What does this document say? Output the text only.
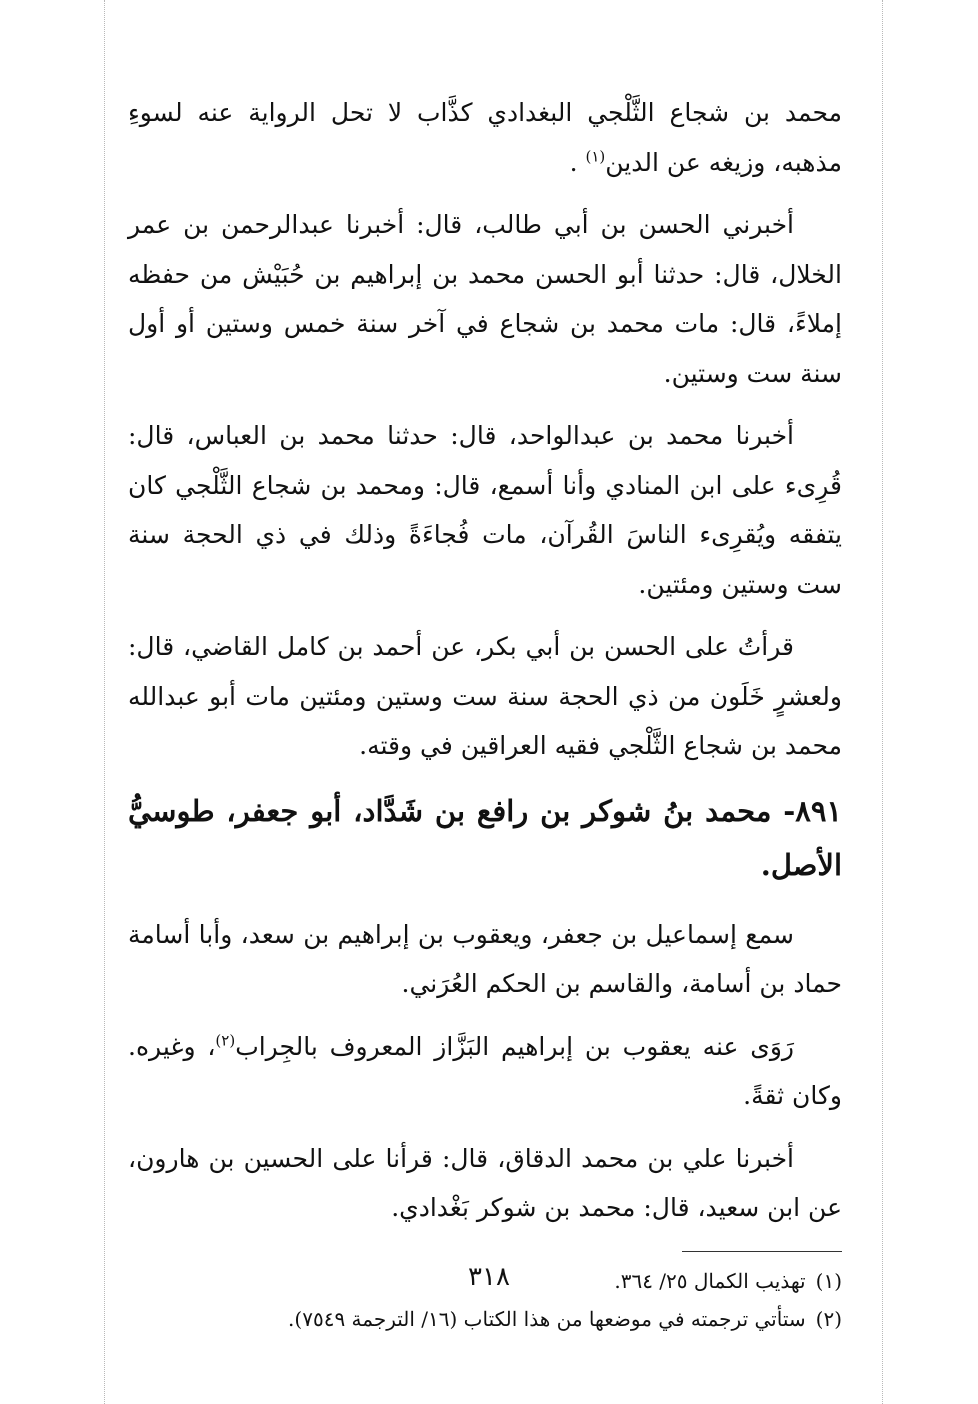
محمد بن شجاع الثَّلْجي البغدادي كذَّاب لا تحل الرواية عنه لسوءِ مذهبه، وزيغه عن الدين$^{(١)}$ .

أخبرني الحسن بن أبي طالب، قال: أخبرنا عبدالرحمن بن عمر الخلال، قال: حدثنا أبو الحسن محمد بن إبراهيم بن حُبَيْش من حفظه إملاءً، قال: مات محمد بن شجاع في آخر سنة خمس وستين أو أول سنة ست وستين.

أخبرنا محمد بن عبدالواحد، قال: حدثنا محمد بن العباس، قال: قُرِىء على ابن المنادي وأنا أسمع، قال: ومحمد بن شجاع الثَّلْجي كان يتفقه ويُقرِىء الناسَ القُرآن، مات فُجاءَةً وذلك في ذي الحجة سنة ست وستين ومئتين.

قرأتُ على الحسن بن أبي بكر، عن أحمد بن كامل القاضي، قال: ولعشرٍ خَلَون من ذي الحجة سنة ست وستين ومئتين مات أبو عبدالله محمد بن شجاع الثَّلْجي فقيه العراقين في وقته.

٨٩١- محمد بنُ شوكر بن رافع بن شَدَّاد، أبو جعفر، طوسيُّ الأصل.

سمع إسماعيل بن جعفر، ويعقوب بن إبراهيم بن سعد، وأبا أسامة حماد بن أسامة، والقاسم بن الحكم العُرَني.

رَوَى عنه يعقوب بن إبراهيم البَزَّاز المعروف بالجِراب$^{(٢)}$، وغيره. وكان ثقةً.

أخبرنا علي بن محمد الدقاق، قال: قرأنا على الحسين بن هارون، عن ابن سعيد، قال: محمد بن شوكر بَغْدادي.

(١)تهذيب الكمال ٢٥/ ٣٦٤.
(٢)ستأتي ترجمته في موضعها من هذا الكتاب (١٦/ الترجمة ٧٥٤٩).
٣١٨
